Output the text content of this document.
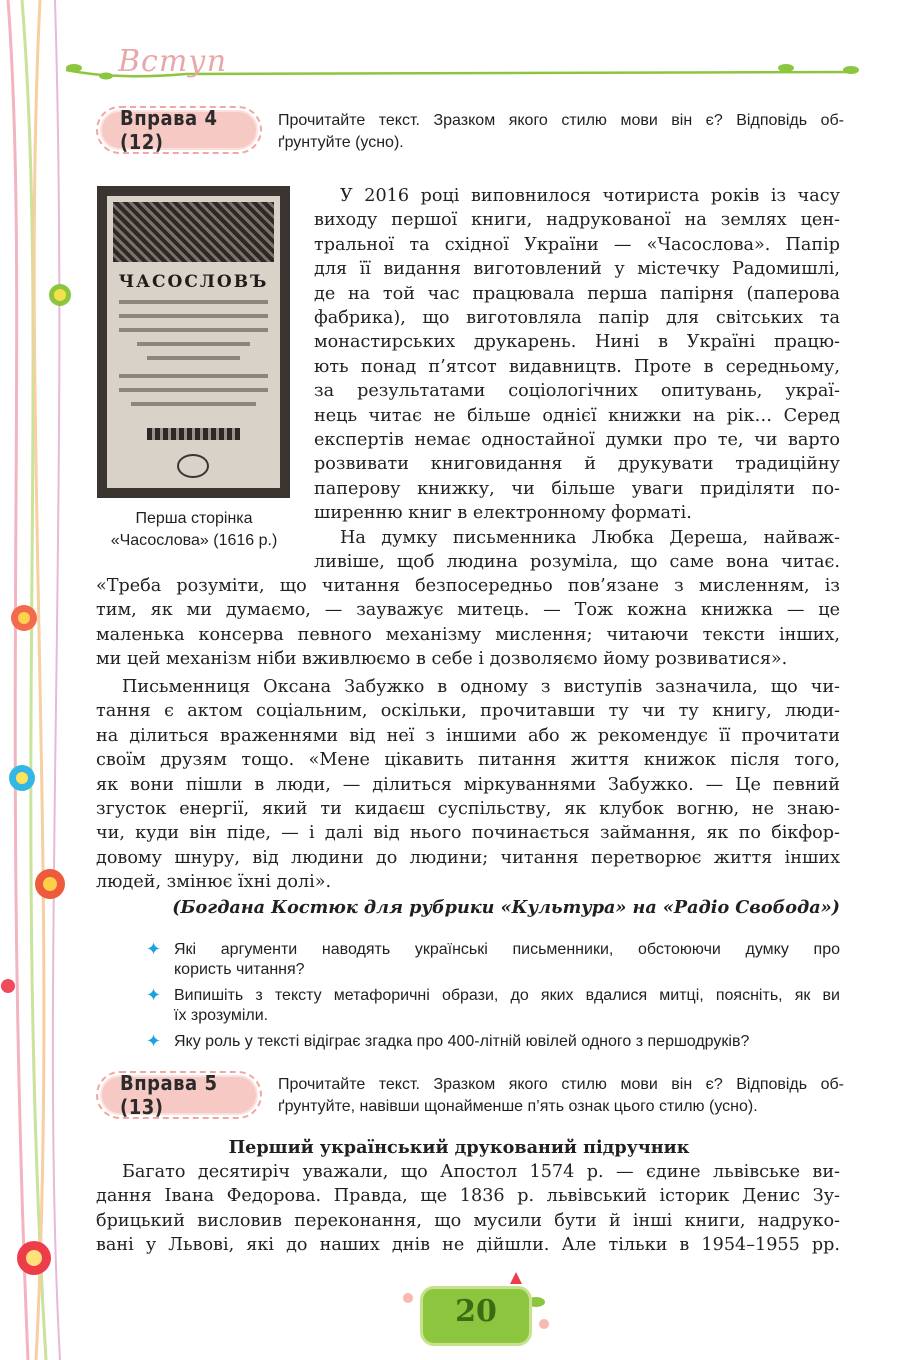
Вступ
Вправа 4 (12)
Прочитайте текст. Зразком якого стилю мови він є? Відповідь об-
ґрунтуйте (усно).
ЧАСОСЛОВЪ
Перша сторінка
«Часослова» (1616 р.)
У 2016 році виповнилося чотириста років із часу
виходу першої книги, надрукованої на землях цен-
тральної та східної України — «Часослова». Папір
для її видання виготовлений у містечку Радомишлі,
де на той час працювала перша папірня (паперова
фабрика), що виготовляла папір для світських та
монастирських друкарень. Нині в Україні працю-
ють понад п’ятсот видавництв. Проте в середньому,
за результатами соціологічних опитувань, украї-
нець читає не більше однієї книжки на рік… Серед
експертів немає одностайної думки про те, чи варто
розвивати книговидання й друкувати традиційну
паперову книжку, чи більше уваги приділяти по-
ширенню книг в електронному форматі.
На думку письменника Любка Дереша, найваж-
ливіше, щоб людина розуміла, що саме вона читає.
«Треба розуміти, що читання безпосередньо пов’язане з мисленням, із
тим, як ми думаємо, — зауважує митець. — Тож кожна книжка — це
маленька консерва певного механізму мислення; читаючи тексти інших,
ми цей механізм ніби вживлюємо в себе і дозволяємо йому розвиватися».
Письменниця Оксана Забужко в одному з виступів зазначила, що чи-
тання є актом соціальним, оскільки, прочитавши ту чи ту книгу, люди-
на ділиться враженнями від неї з іншими або ж рекомендує її прочитати
своїм друзям тощо. «Мене цікавить питання життя книжок після того,
як вони пішли в люди, — ділиться міркуваннями Забужко. — Це певний
згусток енергії, який ти кидаєш суспільству, як клубок вогню, не знаю-
чи, куди він піде, — і далі від нього починається займання, як по бікфор-
довому шнуру, від людини до людини; читання перетворює життя інших
людей, змінює їхні долі».
(Богдана Костюк для рубрики «Культура» на «Радіо Свобода»)
✦ Які аргументи наводять українські письменники, обстоюючи думку про
користь читання?
✦ Випишіть з тексту метафоричні образи, до яких вдалися митці, поясніть, як ви
їх зрозуміли.
✦ Яку роль у тексті відіграє згадка про 400-літній ювілей одного з першодруків?
Вправа 5 (13)
Прочитайте текст. Зразком якого стилю мови він є? Відповідь об-
ґрунтуйте, навівши щонайменше п’ять ознак цього стилю (усно).
Перший український друкований підручник
Багато десятиріч уважали, що Апостол 1574 р. — єдине львівське ви-
дання Івана Федорова. Правда, ще 1836 р. львівський історик Денис Зу-
брицький висловив переконання, що мусили бути й інші книги, надруко-
вані у Львові, які до наших днів не дійшли. Але тільки в 1954–1955 рр.
20
